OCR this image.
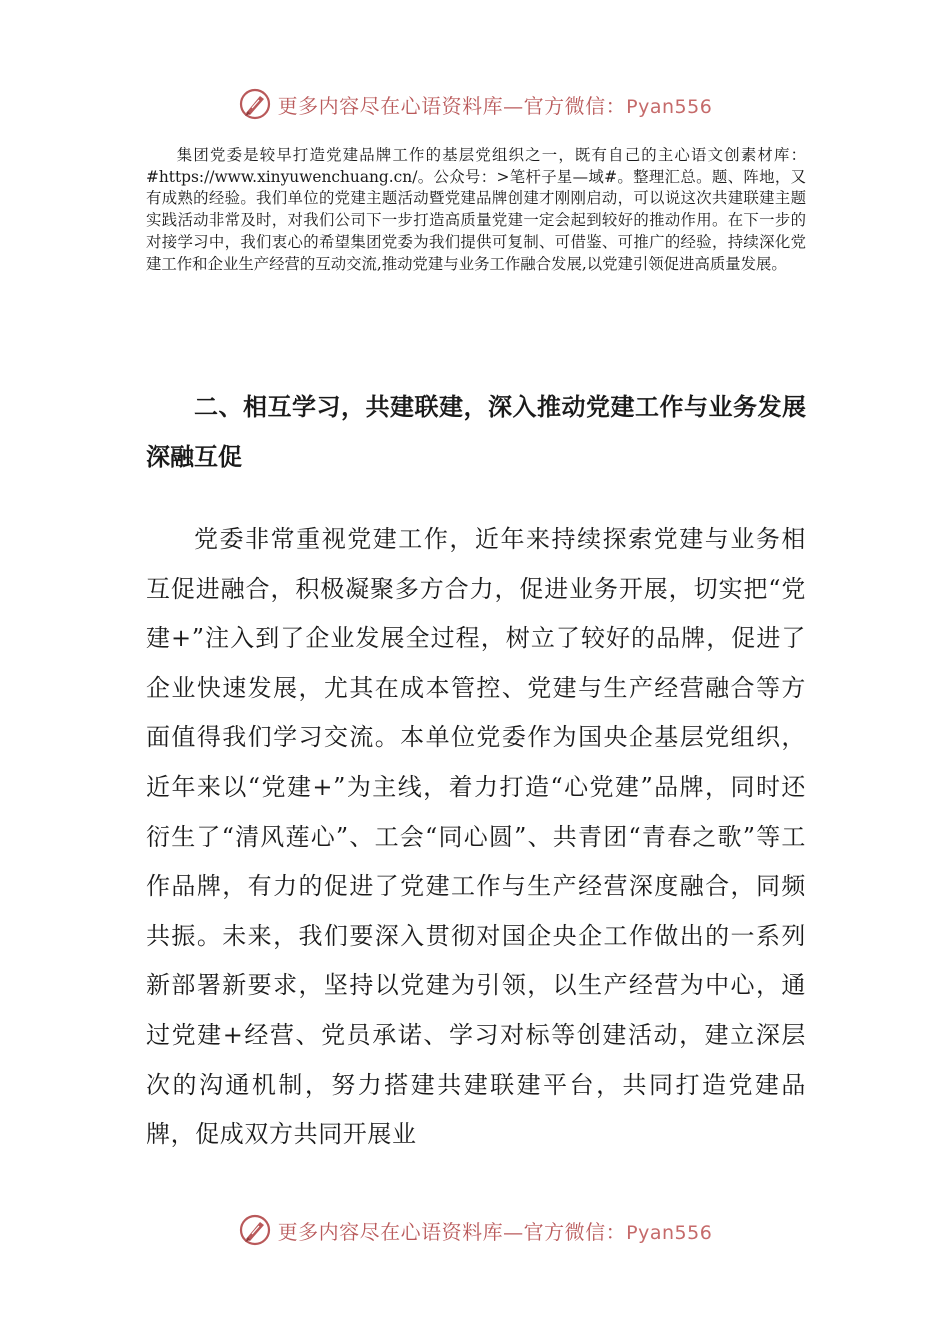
更多内容尽在心语资料库—官方微信：Pyan556

集团党委是较早打造党建品牌工作的基层党组织之一，既有自己的主心语文创素材库：#https://www.xinyuwenchuang.cn/。公众号：>笔杆子星—域#。整理汇总。题、阵地，又有成熟的经验。我们单位的党建主题活动暨党建品牌创建才刚刚启动，可以说这次共建联建主题实践活动非常及时，对我们公司下一步打造高质量党建一定会起到较好的推动作用。在下一步的对接学习中，我们衷心的希望集团党委为我们提供可复制、可借鉴、可推广的经验，持续深化党建工作和企业生产经营的互动交流,推动党建与业务工作融合发展,以党建引领促进高质量发展。

二、相互学习，共建联建，深入推动党建工作与业务发展深融互促

党委非常重视党建工作，近年来持续探索党建与业务相互促进融合，积极凝聚多方合力，促进业务开展，切实把“党建+”注入到了企业发展全过程，树立了较好的品牌，促进了企业快速发展，尤其在成本管控、党建与生产经营融合等方面值得我们学习交流。本单位党委作为国央企基层党组织，近年来以“党建+”为主线，着力打造“心党建”品牌，同时还衍生了“清风莲心”、工会“同心圆”、共青团“青春之歌”等工作品牌，有力的促进了党建工作与生产经营深度融合，同频共振。未来，我们要深入贯彻对国企央企工作做出的一系列新部署新要求，坚持以党建为引领，以生产经营为中心，通过党建+经营、党员承诺、学习对标等创建活动，建立深层次的沟通机制，努力搭建共建联建平台，共同打造党建品牌，促成双方共同开展业

更多内容尽在心语资料库—官方微信：Pyan556
